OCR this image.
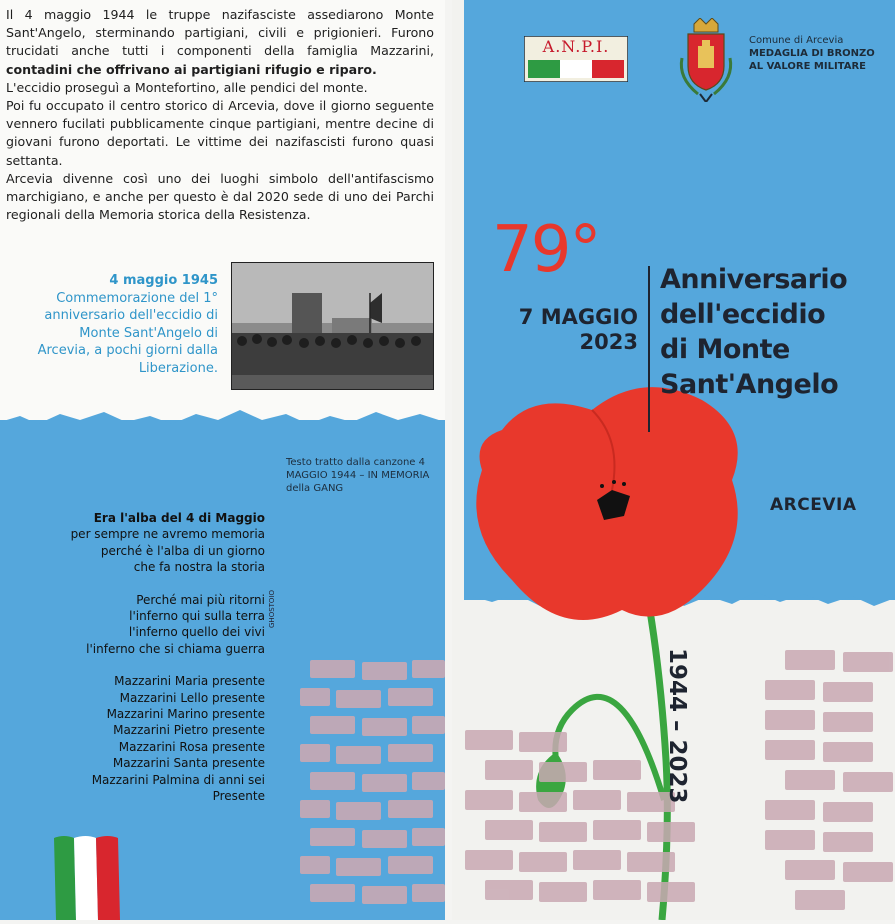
Il 4 maggio 1944 le truppe nazifasciste assediarono Monte Sant'Angelo, sterminando partigiani, civili e prigionieri. Furono trucidati anche tutti i componenti della famiglia Mazzarini, contadini che offrivano ai partigiani rifugio e riparo.

L'eccidio proseguì a Montefortino, alle pendici del monte.

Poi fu occupato il centro storico di Arcevia, dove il giorno seguente vennero fucilati pubblicamente cinque partigiani, mentre decine di giovani furono deportati. Le vittime dei nazifascisti furono quasi settanta.

Arcevia divenne così uno dei luoghi simbolo dell'antifascismo marchigiano, e anche per questo è dal 2020 sede di uno dei Parchi regionali della Memoria storica della Resistenza.

4 maggio 1945
Commemorazione del 1° anniversario dell'eccidio di Monte Sant'Angelo di Arcevia, a pochi giorni dalla Liberazione.
Testo tratto dalla canzone 4 MAGGIO 1944 – IN MEMORIA della GANG
Era l'alba del 4 di Maggio
per sempre ne avremo memoria
perché è l'alba di un giorno
che fa nostra la storia
Perché mai più ritorni
l'inferno qui sulla terra
l'inferno quello dei vivi
l'inferno che si chiama guerra
Mazzarini Maria presente
Mazzarini Lello presente
Mazzarini Marino presente
Mazzarini Pietro presente
Mazzarini Rosa presente
Mazzarini Santa presente
Mazzarini Palmina di anni sei
Presente
GHOSTOIO
A.N.P.I.	Comune di Arcevia
MEDAGLIA DI BRONZO
AL VALORE MILITARE
79°
7 MAGGIO
2023
Anniversario
dell'eccidio
di Monte
Sant'Angelo
ARCEVIA
1944 – 2023
